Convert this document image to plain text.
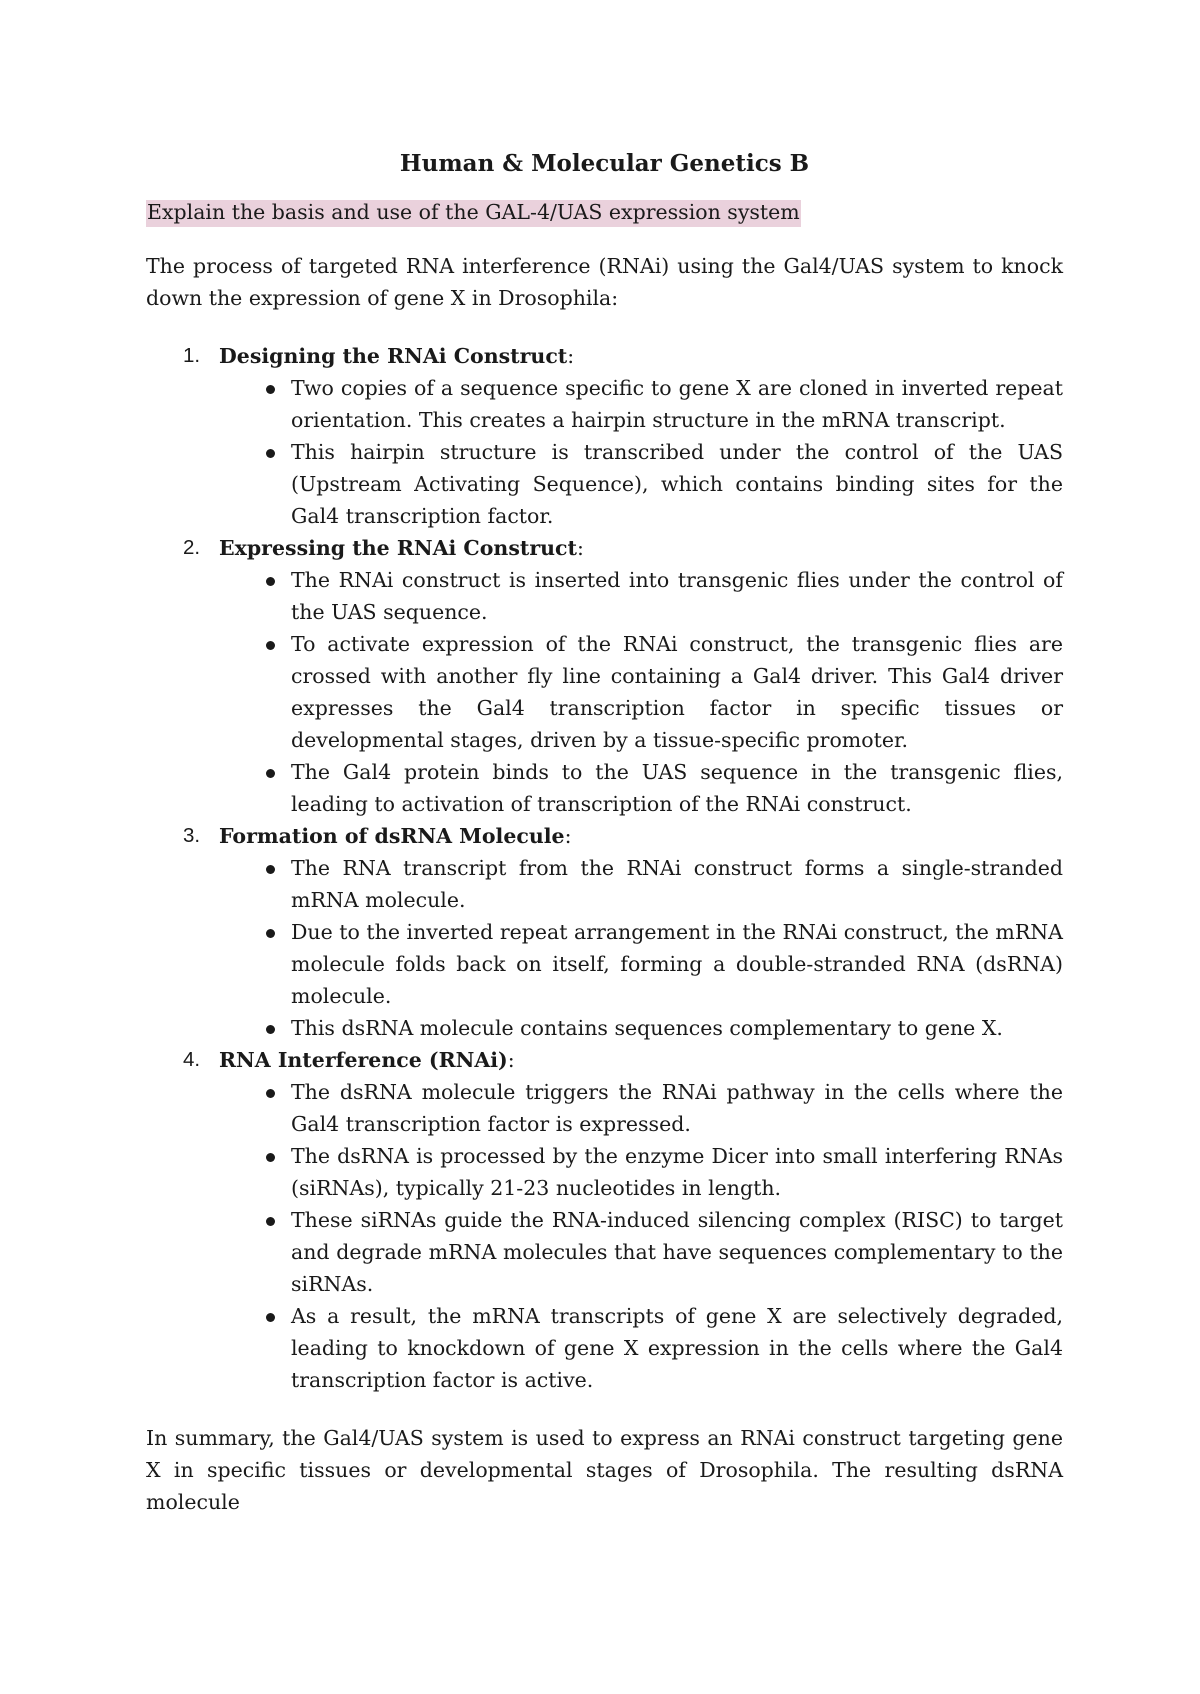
Human & Molecular Genetics B
Explain the basis and use of the GAL-4/UAS expression system

The process of targeted RNA interference (RNAi) using the Gal4/UAS system to knock down the expression of gene X in Drosophila:

1. Designing the RNAi Construct:
Two copies of a sequence specific to gene X are cloned in inverted repeat orientation. This creates a hairpin structure in the mRNA transcript.
This hairpin structure is transcribed under the control of the UAS (Upstream Activating Sequence), which contains binding sites for the Gal4 transcription factor.
2. Expressing the RNAi Construct:
The RNAi construct is inserted into transgenic flies under the control of the UAS sequence.
To activate expression of the RNAi construct, the transgenic flies are crossed with another fly line containing a Gal4 driver. This Gal4 driver expresses the Gal4 transcription factor in specific tissues or developmental stages, driven by a tissue-specific promoter.
The Gal4 protein binds to the UAS sequence in the transgenic flies, leading to activation of transcription of the RNAi construct.
3. Formation of dsRNA Molecule:
The RNA transcript from the RNAi construct forms a single-stranded mRNA molecule.
Due to the inverted repeat arrangement in the RNAi construct, the mRNA molecule folds back on itself, forming a double-stranded RNA (dsRNA) molecule.
This dsRNA molecule contains sequences complementary to gene X.
4. RNA Interference (RNAi):
The dsRNA molecule triggers the RNAi pathway in the cells where the Gal4 transcription factor is expressed.
The dsRNA is processed by the enzyme Dicer into small interfering RNAs (siRNAs), typically 21-23 nucleotides in length.
These siRNAs guide the RNA-induced silencing complex (RISC) to target and degrade mRNA molecules that have sequences complementary to the siRNAs.
As a result, the mRNA transcripts of gene X are selectively degraded, leading to knockdown of gene X expression in the cells where the Gal4 transcription factor is active.

In summary, the Gal4/UAS system is used to express an RNAi construct targeting gene X in specific tissues or developmental stages of Drosophila. The resulting dsRNA molecule
